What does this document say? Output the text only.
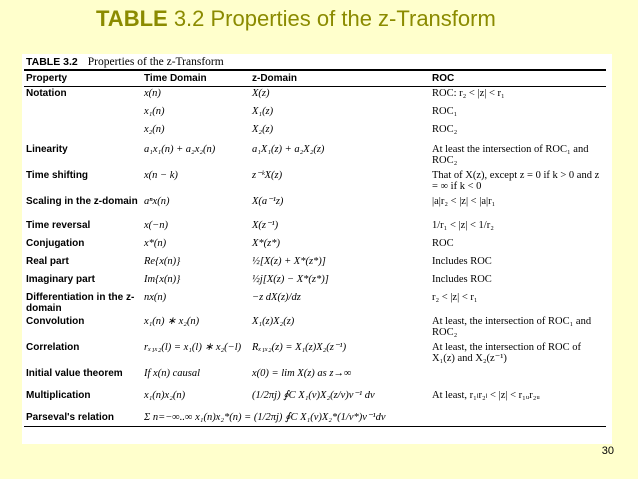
TABLE 3.2 Properties of the z-Transform
TABLE 3.2 Properties of the z-Transform
Property	Time Domain	z-Domain	ROC
Notation	x(n)	X(z)	ROC: r₂ < |z| < r₁
	x₁(n)	X₁(z)	ROC₁
	x₂(n)	X₂(z)	ROC₂
Linearity	a₁x₁(n) + a₂x₂(n)	a₁X₁(z) + a₂X₂(z)	At least the intersection of ROC₁ and ROC₂
Time shifting	x(n − k)	z⁻ᵏX(z)	That of X(z), except z = 0 if k > 0 and z = ∞ if k < 0
Scaling in the z-domain	aⁿx(n)	X(a⁻¹z)	|a|r₂ < |z| < |a|r₁
Time reversal	x(−n)	X(z⁻¹)	1/r₁ < |z| < 1/r₂
Conjugation	x*(n)	X*(z*)	ROC
Real part	Re{x(n)}	½[X(z) + X*(z*)]	Includes ROC
Imaginary part	Im{x(n)}	½j[X(z) − X*(z*)]	Includes ROC
Differentiation in the z-domain	nx(n)	−z dX(z)/dz	r₂ < |z| < r₁
Convolution	x₁(n) ∗ x₂(n)	X₁(z)X₂(z)	At least, the intersection of ROC₁ and ROC₂
Correlation	rₓ₁ₓ₂(l) = x₁(l) ∗ x₂(−l)	Rₓ₁ₓ₂(z) = X₁(z)X₂(z⁻¹)	At least, the intersection of ROC of X₁(z) and X₂(z⁻¹)
Initial value theorem	If x(n) causal	x(0) = lim X(z) as z→∞	
Multiplication	x₁(n)x₂(n)	(1/2πj) ∮C X₁(v)X₂(z/v)v⁻¹ dv	At least, r₁ₗr₂ₗ < |z| < r₁ᵤr₂ᵤ
Parseval's relation	Σ n=−∞..∞ x₁(n)x₂*(n) = (1/2πj) ∮C X₁(v)X₂*(1/v*)v⁻¹dv		
30
